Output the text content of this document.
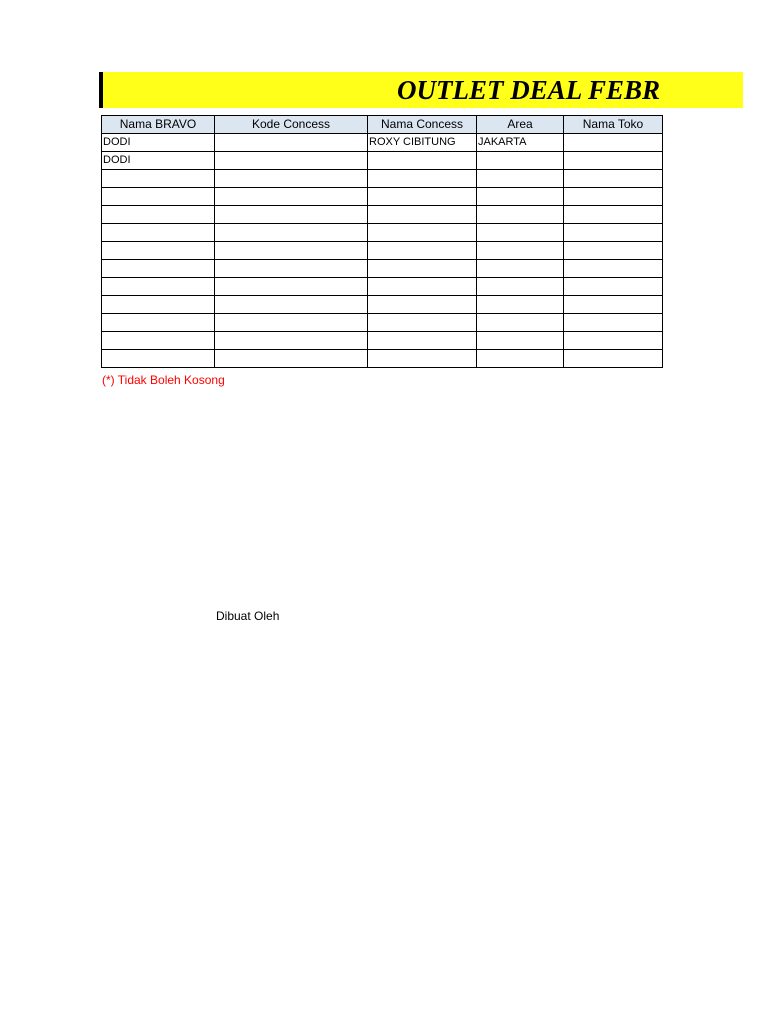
OUTLET DEAL FEBR
Nama BRAVO	Kode Concess	Nama Concess	Area	Nama Toko
DODI		ROXY CIBITUNG	JAKARTA	
DODI				

(*) Tidak Boleh Kosong
Dibuat Oleh
